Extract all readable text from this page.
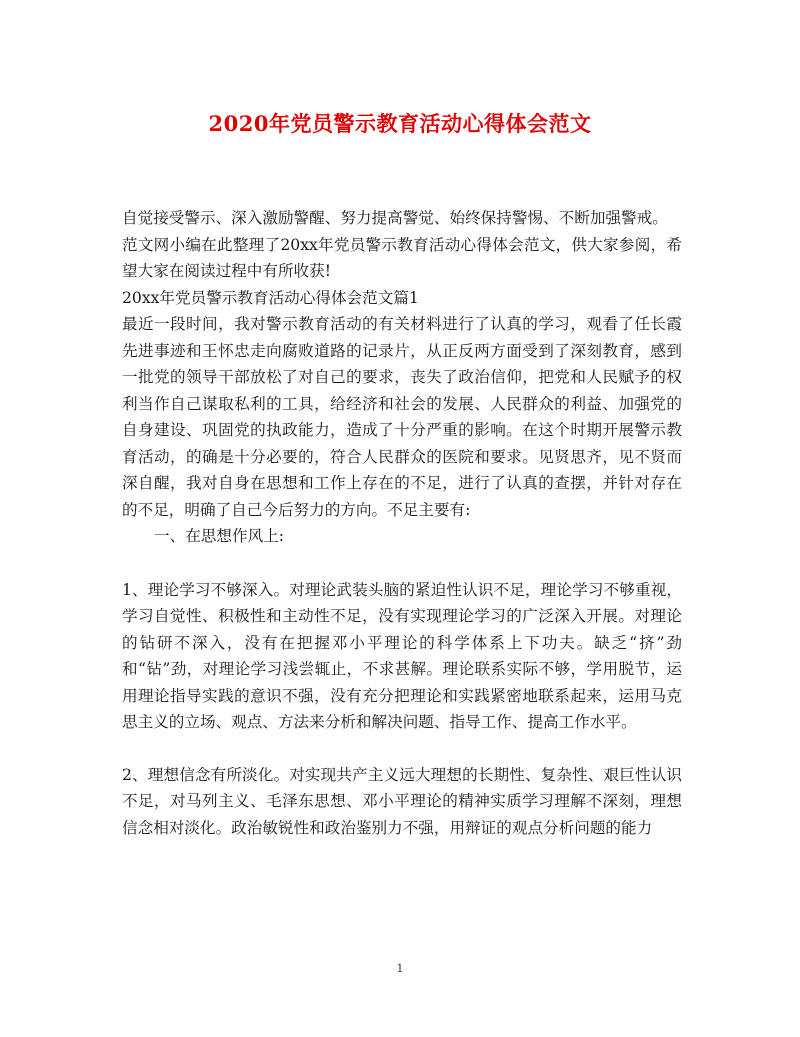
2020年党员警示教育活动心得体会范文

自觉接受警示、深入激励警醒、努力提高警觉、始终保持警惕、不断加强警戒。

范文网小编在此整理了20xx年党员警示教育活动心得体会范文，供大家参阅，希望大家在阅读过程中有所收获!

20xx年党员警示教育活动心得体会范文篇1

最近一段时间，我对警示教育活动的有关材料进行了认真的学习，观看了任长霞先进事迹和王怀忠走向腐败道路的记录片，从正反两方面受到了深刻教育，感到一批党的领导干部放松了对自己的要求，丧失了政治信仰，把党和人民赋予的权利当作自己谋取私利的工具，给经济和社会的发展、人民群众的利益、加强党的自身建设、巩固党的执政能力，造成了十分严重的影响。在这个时期开展警示教育活动，的确是十分必要的，符合人民群众的医院和要求。见贤思齐，见不贤而深自醒，我对自身在思想和工作上存在的不足，进行了认真的查摆，并针对存在的不足，明确了自己今后努力的方向。不足主要有:

一、在思想作风上:

1、理论学习不够深入。对理论武装头脑的紧迫性认识不足，理论学习不够重视，学习自觉性、积极性和主动性不足，没有实现理论学习的广泛深入开展。对理论的钻研不深入，没有在把握邓小平理论的科学体系上下功夫。缺乏“挤”劲和“钻”劲，对理论学习浅尝辄止，不求甚解。理论联系实际不够，学用脱节，运用理论指导实践的意识不强，没有充分把理论和实践紧密地联系起来，运用马克思主义的立场、观点、方法来分析和解决问题、指导工作、提高工作水平。

2、理想信念有所淡化。对实现共产主义远大理想的长期性、复杂性、艰巨性认识不足，对马列主义、毛泽东思想、邓小平理论的精神实质学习理解不深刻，理想信念相对淡化。政治敏锐性和政治鉴别力不强，用辩证的观点分析问题的能力

1
